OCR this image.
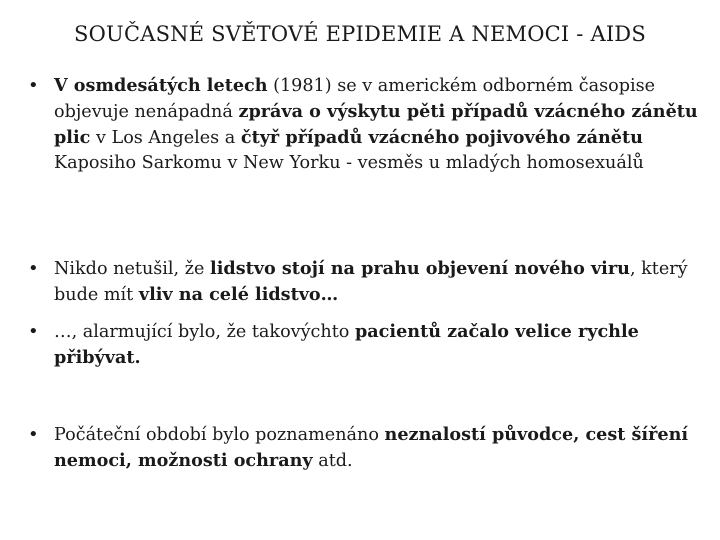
SOUČASNÉ SVĚTOVÉ EPIDEMIE A NEMOCI - AIDS
• V osmdesátých letech (1981) se v americkém odborném časopise objevuje nenápadná zpráva o výskytu pěti případů vzácného zánětu plic v Los Angeles a čtyř případů vzácného pojivového zánětu Kaposiho Sarkomu v New Yorku - vesměs u mladých homosexuálů
• Nikdo netušil, že lidstvo stojí na prahu objevení nového viru, který bude mít vliv na celé lidstvo…
• …, alarmující bylo, že takovýchto pacientů začalo velice rychle přibývat.
• Počáteční období bylo poznamenáno neznalostí původce, cest šíření nemoci, možnosti ochrany atd.
